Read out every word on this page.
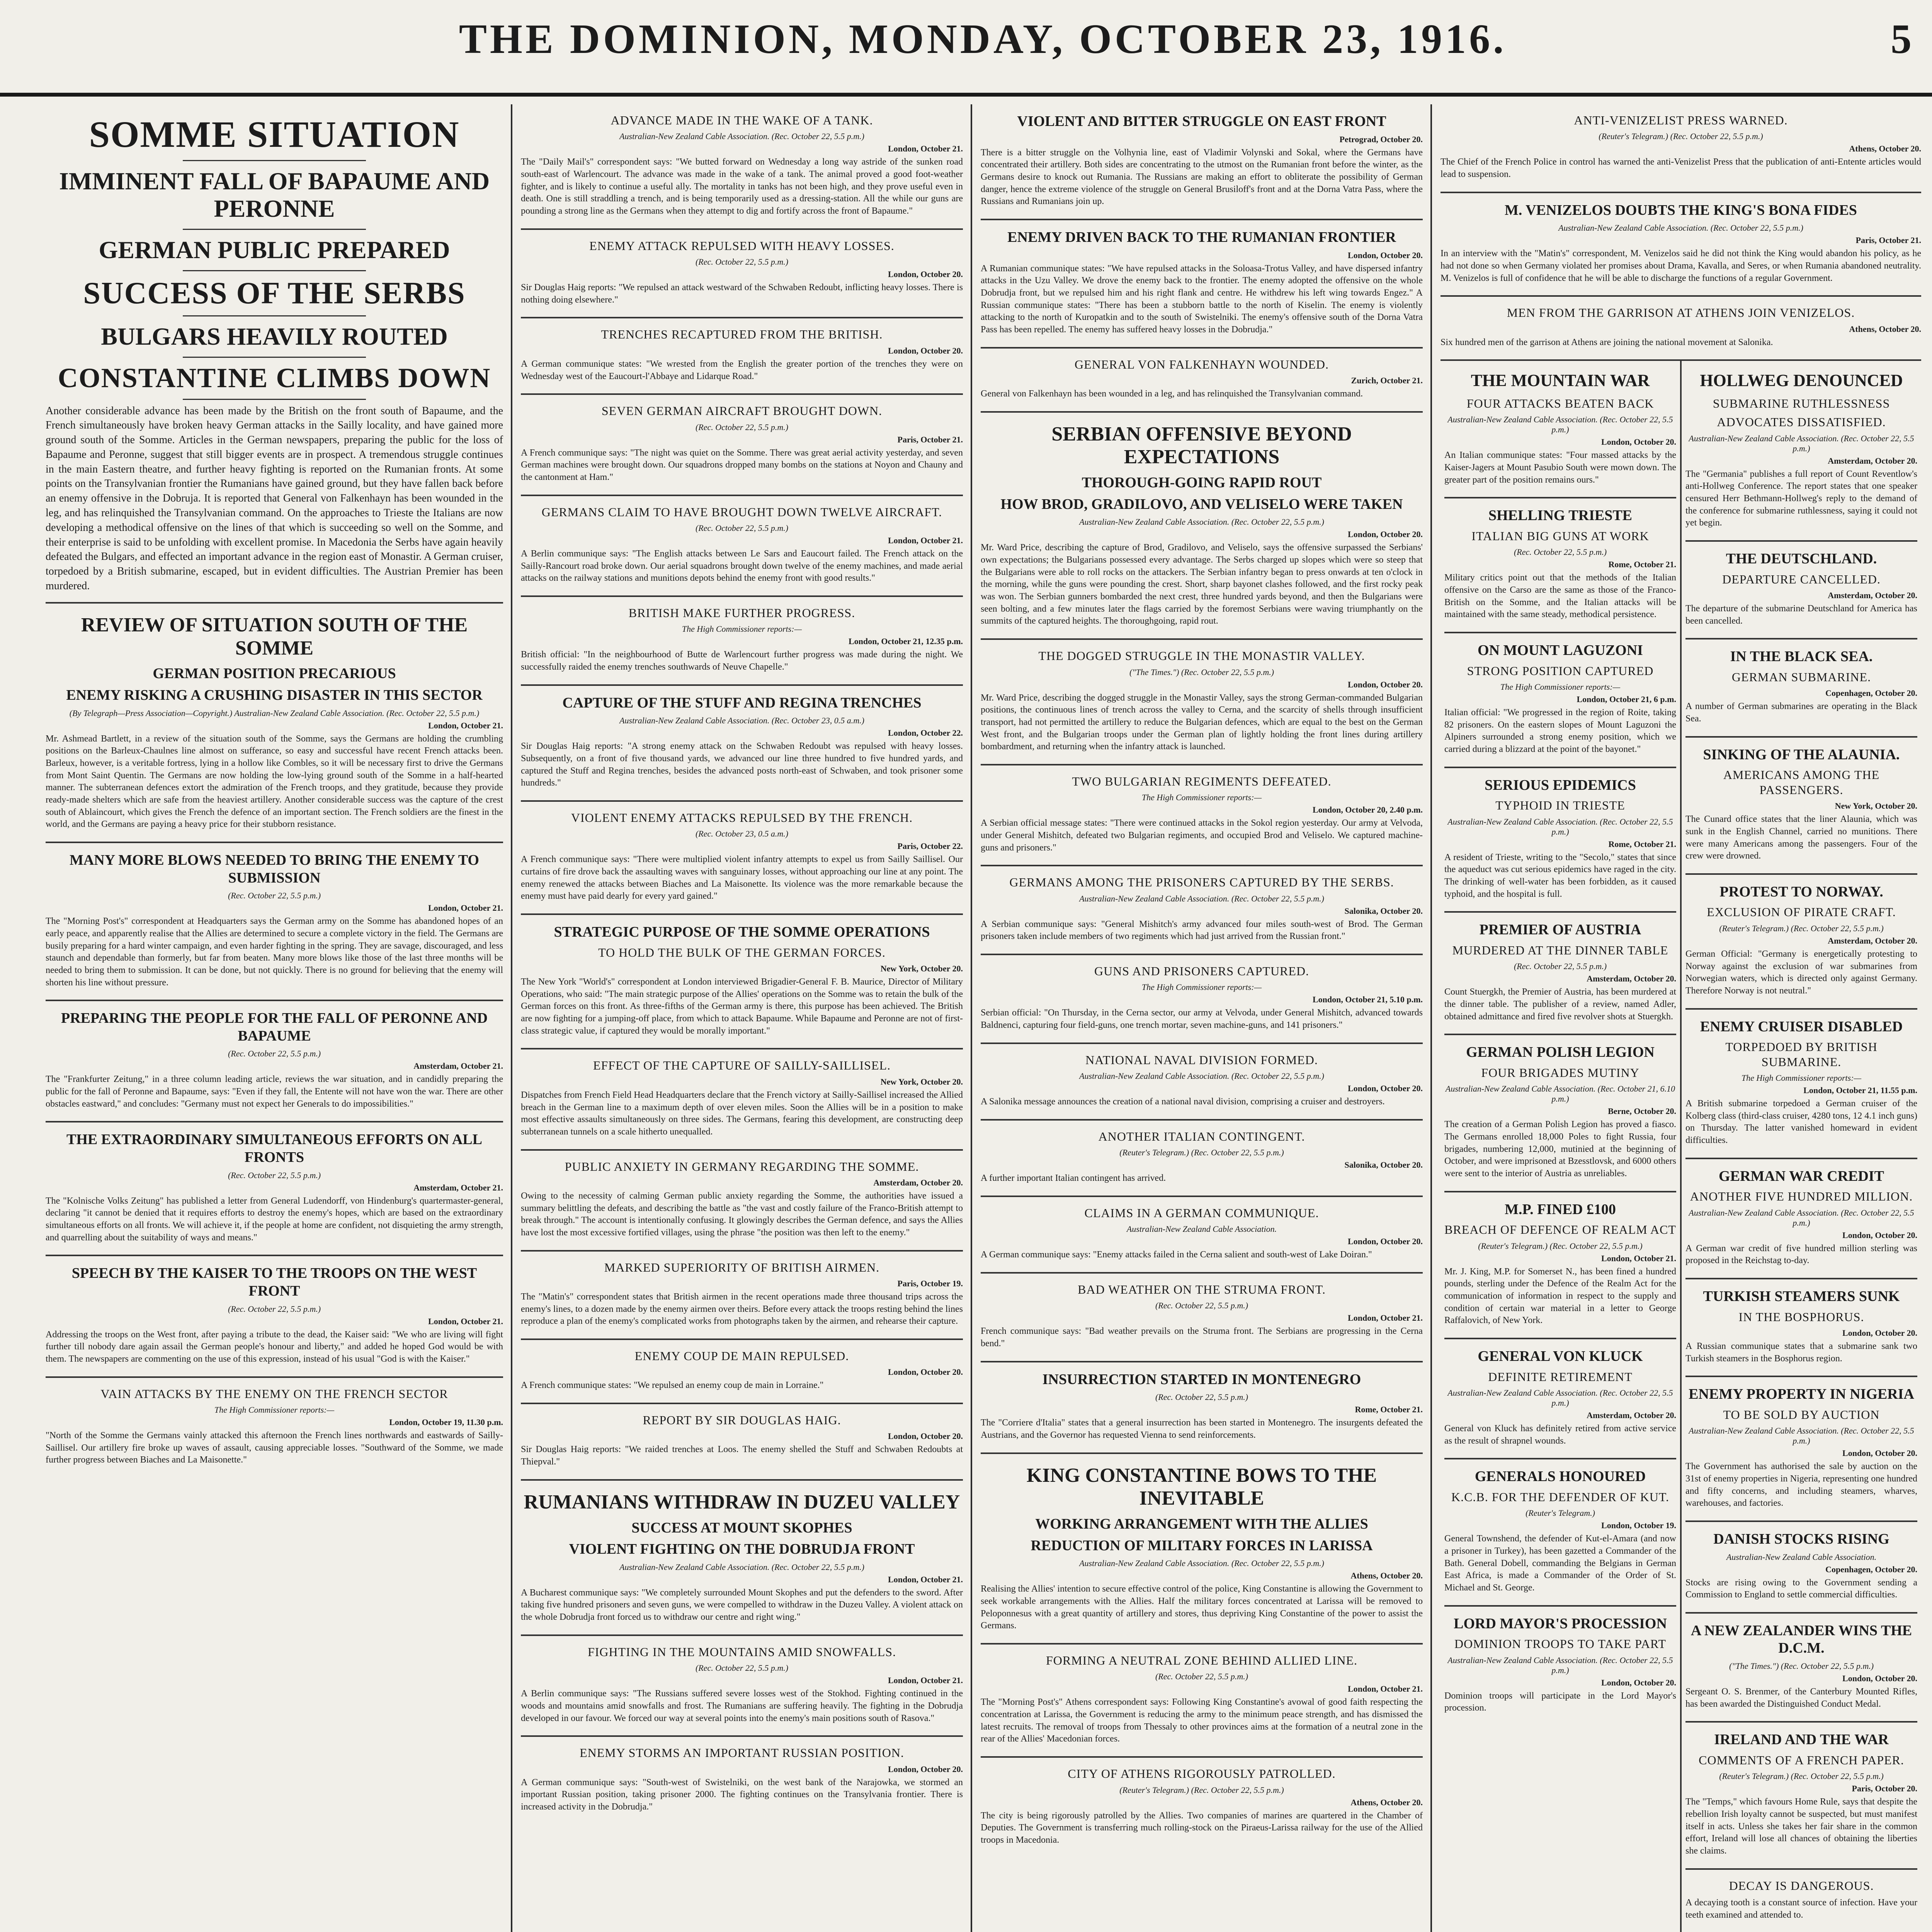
THE DOMINION, MONDAY, OCTOBER 23, 1916.	5
SOMME SITUATION
IMMINENT FALL OF BAPAUME AND PERONNE
GERMAN PUBLIC PREPARED
SUCCESS OF THE SERBS
BULGARS HEAVILY ROUTED
CONSTANTINE CLIMBS DOWN
Another considerable advance has been made by the British on the front south of Bapaume, and the French simultaneously have broken heavy German attacks in the Sailly locality, and have gained more ground south of the Somme. Articles in the German newspapers, preparing the public for the loss of Bapaume and Peronne, suggest that still bigger events are in prospect. A tremendous struggle continues in the main Eastern theatre, and further heavy fighting is reported on the Rumanian fronts. At some points on the Transylvanian frontier the Rumanians have gained ground, but they have fallen back before an enemy offensive in the Dobruja. It is reported that General von Falkenhayn has been wounded in the leg, and has relinquished the Transylvanian command. On the approaches to Trieste the Italians are now developing a methodical offensive on the lines of that which is succeeding so well on the Somme, and their enterprise is said to be unfolding with excellent promise. In Macedonia the Serbs have again heavily defeated the Bulgars, and effected an important advance in the region east of Monastir. A German cruiser, torpedoed by a British submarine, escaped, but in evident difficulties. The Austrian Premier has been murdered.
REVIEW OF SITUATION SOUTH OF THE SOMME
GERMAN POSITION PRECARIOUS
ENEMY RISKING A CRUSHING DISASTER IN THIS SECTOR
(By Telegraph—Press Association—Copyright.) Australian-New Zealand Cable Association. (Rec. October 22, 5.5 p.m.)
London, October 21.
Mr. Ashmead Bartlett, in a review of the situation south of the Somme, says the Germans are holding the crumbling positions on the Barleux-Chaulnes line almost on sufferance, so easy and successful have recent French attacks been. Barleux, however, is a veritable fortress, lying in a hollow like Combles, so it will be necessary first to drive the Germans from Mont Saint Quentin. The Germans are now holding the low-lying ground south of the Somme in a half-hearted manner. The subterranean defences extort the admiration of the French troops, and they gratitude, because they provide ready-made shelters which are safe from the heaviest artillery. Another considerable success was the capture of the crest south of Ablaincourt, which gives the French the defence of an important section. The French soldiers are the finest in the world, and the Germans are paying a heavy price for their stubborn resistance.
MANY MORE BLOWS NEEDED TO BRING THE ENEMY TO SUBMISSION
(Rec. October 22, 5.5 p.m.)
London, October 21.
The "Morning Post's" correspondent at Headquarters says the German army on the Somme has abandoned hopes of an early peace, and apparently realise that the Allies are determined to secure a complete victory in the field. The Germans are busily preparing for a hard winter campaign, and even harder fighting in the spring. They are savage, discouraged, and less staunch and dependable than formerly, but far from beaten. Many more blows like those of the last three months will be needed to bring them to submission. It can be done, but not quickly. There is no ground for believing that the enemy will shorten his line without pressure.
PREPARING THE PEOPLE FOR THE FALL OF PERONNE AND BAPAUME
(Rec. October 22, 5.5 p.m.)
Amsterdam, October 21.
The "Frankfurter Zeitung," in a three column leading article, reviews the war situation, and in candidly preparing the public for the fall of Peronne and Bapaume, says: "Even if they fall, the Entente will not have won the war. There are other obstacles eastward," and concludes: "Germany must not expect her Generals to do impossibilities."
THE EXTRAORDINARY SIMULTANEOUS EFFORTS ON ALL FRONTS
(Rec. October 22, 5.5 p.m.)
Amsterdam, October 21.
The "Kolnische Volks Zeitung" has published a letter from General Ludendorff, von Hindenburg's quartermaster-general, declaring "it cannot be denied that it requires efforts to destroy the enemy's hopes, which are based on the extraordinary simultaneous efforts on all fronts. We will achieve it, if the people at home are confident, not disquieting the army strength, and quarrelling about the suitability of ways and means."
SPEECH BY THE KAISER TO THE TROOPS ON THE WEST FRONT
(Rec. October 22, 5.5 p.m.)
London, October 21.
Addressing the troops on the West front, after paying a tribute to the dead, the Kaiser said: "We who are living will fight further till nobody dare again assail the German people's honour and liberty," and added he hoped God would be with them. The newspapers are commenting on the use of this expression, instead of his usual "God is with the Kaiser."
VAIN ATTACKS BY THE ENEMY ON THE FRENCH SECTOR
The High Commissioner reports:—
London, October 19, 11.30 p.m.
"North of the Somme the Germans vainly attacked this afternoon the French lines northwards and eastwards of Sailly-Saillisel. Our artillery fire broke up waves of assault, causing appreciable losses. "Southward of the Somme, we made further progress between Biaches and La Maisonette."
ADVANCE MADE IN THE WAKE OF A TANK.
Australian-New Zealand Cable Association. (Rec. October 22, 5.5 p.m.)
London, October 21.
The "Daily Mail's" correspondent says: "We butted forward on Wednesday a long way astride of the sunken road south-east of Warlencourt. The advance was made in the wake of a tank. The animal proved a good foot-weather fighter, and is likely to continue a useful ally. The mortality in tanks has not been high, and they prove useful even in death. One is still straddling a trench, and is being temporarily used as a dressing-station. All the while our guns are pounding a strong line as the Germans when they attempt to dig and fortify across the front of Bapaume."
ENEMY ATTACK REPULSED WITH HEAVY LOSSES.
(Rec. October 22, 5.5 p.m.)
London, October 20.
Sir Douglas Haig reports: "We repulsed an attack westward of the Schwaben Redoubt, inflicting heavy losses. There is nothing doing elsewhere."
TRENCHES RECAPTURED FROM THE BRITISH.
London, October 20.
A German communique states: "We wrested from the English the greater portion of the trenches they were on Wednesday west of the Eaucourt-l'Abbaye and Lidarque Road."
SEVEN GERMAN AIRCRAFT BROUGHT DOWN.
(Rec. October 22, 5.5 p.m.)
Paris, October 21.
A French communique says: "The night was quiet on the Somme. There was great aerial activity yesterday, and seven German machines were brought down. Our squadrons dropped many bombs on the stations at Noyon and Chauny and the cantonment at Ham."
GERMANS CLAIM TO HAVE BROUGHT DOWN TWELVE AIRCRAFT.
(Rec. October 22, 5.5 p.m.)
London, October 21.
A Berlin communique says: "The English attacks between Le Sars and Eaucourt failed. The French attack on the Sailly-Rancourt road broke down. Our aerial squadrons brought down twelve of the enemy machines, and made aerial attacks on the railway stations and munitions depots behind the enemy front with good results."
BRITISH MAKE FURTHER PROGRESS.
The High Commissioner reports:—
London, October 21, 12.35 p.m.
British official: "In the neighbourhood of Butte de Warlencourt further progress was made during the night. We successfully raided the enemy trenches southwards of Neuve Chapelle."
CAPTURE OF THE STUFF AND REGINA TRENCHES
Australian-New Zealand Cable Association. (Rec. October 23, 0.5 a.m.)
London, October 22.
Sir Douglas Haig reports: "A strong enemy attack on the Schwaben Redoubt was repulsed with heavy losses. Subsequently, on a front of five thousand yards, we advanced our line three hundred to five hundred yards, and captured the Stuff and Regina trenches, besides the advanced posts north-east of Schwaben, and took prisoner some hundreds."
VIOLENT ENEMY ATTACKS REPULSED BY THE FRENCH.
(Rec. October 23, 0.5 a.m.)
Paris, October 22.
A French communique says: "There were multiplied violent infantry attempts to expel us from Sailly Saillisel. Our curtains of fire drove back the assaulting waves with sanguinary losses, without approaching our line at any point. The enemy renewed the attacks between Biaches and La Maisonette. Its violence was the more remarkable because the enemy must have paid dearly for every yard gained."
STRATEGIC PURPOSE OF THE SOMME OPERATIONS
TO HOLD THE BULK OF THE GERMAN FORCES.
New York, October 20.
The New York "World's" correspondent at London interviewed Brigadier-General F. B. Maurice, Director of Military Operations, who said: "The main strategic purpose of the Allies' operations on the Somme was to retain the bulk of the German forces on this front. As three-fifths of the German army is there, this purpose has been achieved. The British are now fighting for a jumping-off place, from which to attack Bapaume. While Bapaume and Peronne are not of first-class strategic value, if captured they would be morally important."
EFFECT OF THE CAPTURE OF SAILLY-SAILLISEL.
New York, October 20.
Dispatches from French Field Head Headquarters declare that the French victory at Sailly-Saillisel increased the Allied breach in the German line to a maximum depth of over eleven miles. Soon the Allies will be in a position to make most effective assaults simultaneously on three sides. The Germans, fearing this development, are constructing deep subterranean tunnels on a scale hitherto unequalled.
PUBLIC ANXIETY IN GERMANY REGARDING THE SOMME.
Amsterdam, October 20.
Owing to the necessity of calming German public anxiety regarding the Somme, the authorities have issued a summary belittling the defeats, and describing the battle as "the vast and costly failure of the Franco-British attempt to break through." The account is intentionally confusing. It glowingly describes the German defence, and says the Allies have lost the most excessive fortified villages, using the phrase "the position was then left to the enemy."
MARKED SUPERIORITY OF BRITISH AIRMEN.
Paris, October 19.
The "Matin's" correspondent states that British airmen in the recent operations made three thousand trips across the enemy's lines, to a dozen made by the enemy airmen over theirs. Before every attack the troops resting behind the lines reproduce a plan of the enemy's complicated works from photographs taken by the airmen, and rehearse their capture.
ENEMY COUP DE MAIN REPULSED.
London, October 20.
A French communique states: "We repulsed an enemy coup de main in Lorraine."
REPORT BY SIR DOUGLAS HAIG.
London, October 20.
Sir Douglas Haig reports: "We raided trenches at Loos. The enemy shelled the Stuff and Schwaben Redoubts at Thiepval."
RUMANIANS WITHDRAW IN DUZEU VALLEY
SUCCESS AT MOUNT SKOPHES
VIOLENT FIGHTING ON THE DOBRUDJA FRONT
Australian-New Zealand Cable Association. (Rec. October 22, 5.5 p.m.)
London, October 21.
A Bucharest communique says: "We completely surrounded Mount Skophes and put the defenders to the sword. After taking five hundred prisoners and seven guns, we were compelled to withdraw in the Duzeu Valley. A violent attack on the whole Dobrudja front forced us to withdraw our centre and right wing."
FIGHTING IN THE MOUNTAINS AMID SNOWFALLS.
(Rec. October 22, 5.5 p.m.)
London, October 21.
A Berlin communique says: "The Russians suffered severe losses west of the Stokhod. Fighting continued in the woods and mountains amid snowfalls and frost. The Rumanians are suffering heavily. The fighting in the Dobrudja developed in our favour. We forced our way at several points into the enemy's main positions south of Rasova."
ENEMY STORMS AN IMPORTANT RUSSIAN POSITION.
London, October 20.
A German communique says: "South-west of Swistelniki, on the west bank of the Narajowka, we stormed an important Russian position, taking prisoner 2000. The fighting continues on the Transylvania frontier. There is increased activity in the Dobrudja."
VIOLENT AND BITTER STRUGGLE ON EAST FRONT
Petrograd, October 20.
There is a bitter struggle on the Volhynia line, east of Vladimir Volynski and Sokal, where the Germans have concentrated their artillery. Both sides are concentrating to the utmost on the Rumanian front before the winter, as the Germans desire to knock out Rumania. The Russians are making an effort to obliterate the possibility of German danger, hence the extreme violence of the struggle on General Brusiloff's front and at the Dorna Vatra Pass, where the Russians and Rumanians join up.
ENEMY DRIVEN BACK TO THE RUMANIAN FRONTIER
London, October 20.
A Rumanian communique states: "We have repulsed attacks in the Soloasa-Trotus Valley, and have dispersed infantry attacks in the Uzu Valley. We drove the enemy back to the frontier. The enemy adopted the offensive on the whole Dobrudja front, but we repulsed him and his right flank and centre. He withdrew his left wing towards Engez." A Russian communique states: "There has been a stubborn battle to the north of Kiselin. The enemy is violently attacking to the north of Kuropatkin and to the south of Swistelniki. The enemy's offensive south of the Dorna Vatra Pass has been repelled. The enemy has suffered heavy losses in the Dobrudja."
GENERAL VON FALKENHAYN WOUNDED.
Zurich, October 21.
General von Falkenhayn has been wounded in a leg, and has relinquished the Transylvanian command.
SERBIAN OFFENSIVE BEYOND EXPECTATIONS
THOROUGH-GOING RAPID ROUT
HOW BROD, GRADILOVO, AND VELISELO WERE TAKEN
Australian-New Zealand Cable Association. (Rec. October 22, 5.5 p.m.)
London, October 20.
Mr. Ward Price, describing the capture of Brod, Gradilovo, and Veliselo, says the offensive surpassed the Serbians' own expectations; the Bulgarians possessed every advantage. The Serbs charged up slopes which were so steep that the Bulgarians were able to roll rocks on the attackers. The Serbian infantry began to press onwards at ten o'clock in the morning, while the guns were pounding the crest. Short, sharp bayonet clashes followed, and the first rocky peak was won. The Serbian gunners bombarded the next crest, three hundred yards beyond, and then the Bulgarians were seen bolting, and a few minutes later the flags carried by the foremost Serbians were waving triumphantly on the summits of the captured heights. The thoroughgoing, rapid rout.
THE DOGGED STRUGGLE IN THE MONASTIR VALLEY.
("The Times.") (Rec. October 22, 5.5 p.m.)
London, October 20.
Mr. Ward Price, describing the dogged struggle in the Monastir Valley, says the strong German-commanded Bulgarian positions, the continuous lines of trench across the valley to Cerna, and the scarcity of shells through insufficient transport, had not permitted the artillery to reduce the Bulgarian defences, which are equal to the best on the German West front, and the Bulgarian troops under the German plan of lightly holding the front lines during artillery bombardment, and returning when the infantry attack is launched.
TWO BULGARIAN REGIMENTS DEFEATED.
The High Commissioner reports:—
London, October 20, 2.40 p.m.
A Serbian official message states: "There were continued attacks in the Sokol region yesterday. Our army at Velvoda, under General Mishitch, defeated two Bulgarian regiments, and occupied Brod and Veliselo. We captured machine-guns and prisoners."
GERMANS AMONG THE PRISONERS CAPTURED BY THE SERBS.
Australian-New Zealand Cable Association. (Rec. October 22, 5.5 p.m.)
Salonika, October 20.
A Serbian communique says: "General Mishitch's army advanced four miles south-west of Brod. The German prisoners taken include members of two regiments which had just arrived from the Russian front."
GUNS AND PRISONERS CAPTURED.
The High Commissioner reports:—
London, October 21, 5.10 p.m.
Serbian official: "On Thursday, in the Cerna sector, our army at Velvoda, under General Mishitch, advanced towards Baldnenci, capturing four field-guns, one trench mortar, seven machine-guns, and 141 prisoners."
NATIONAL NAVAL DIVISION FORMED.
Australian-New Zealand Cable Association. (Rec. October 22, 5.5 p.m.)
London, October 20.
A Salonika message announces the creation of a national naval division, comprising a cruiser and destroyers.
ANOTHER ITALIAN CONTINGENT.
(Reuter's Telegram.) (Rec. October 22, 5.5 p.m.)
Salonika, October 20.
A further important Italian contingent has arrived.
CLAIMS IN A GERMAN COMMUNIQUE.
Australian-New Zealand Cable Association.
London, October 20.
A German communique says: "Enemy attacks failed in the Cerna salient and south-west of Lake Doiran."
BAD WEATHER ON THE STRUMA FRONT.
(Rec. October 22, 5.5 p.m.)
London, October 21.
French communique says: "Bad weather prevails on the Struma front. The Serbians are progressing in the Cerna bend."
INSURRECTION STARTED IN MONTENEGRO
(Rec. October 22, 5.5 p.m.)
Rome, October 21.
The "Corriere d'Italia" states that a general insurrection has been started in Montenegro. The insurgents defeated the Austrians, and the Governor has requested Vienna to send reinforcements.
KING CONSTANTINE BOWS TO THE INEVITABLE
WORKING ARRANGEMENT WITH THE ALLIES
REDUCTION OF MILITARY FORCES IN LARISSA
Australian-New Zealand Cable Association. (Rec. October 22, 5.5 p.m.)
Athens, October 20.
Realising the Allies' intention to secure effective control of the police, King Constantine is allowing the Government to seek workable arrangements with the Allies. Half the military forces concentrated at Larissa will be removed to Peloponnesus with a great quantity of artillery and stores, thus depriving King Constantine of the power to assist the Germans.
FORMING A NEUTRAL ZONE BEHIND ALLIED LINE.
(Rec. October 22, 5.5 p.m.)
London, October 21.
The "Morning Post's" Athens correspondent says: Following King Constantine's avowal of good faith respecting the concentration at Larissa, the Government is reducing the army to the minimum peace strength, and has dismissed the latest recruits. The removal of troops from Thessaly to other provinces aims at the formation of a neutral zone in the rear of the Allies' Macedonian forces.
CITY OF ATHENS RIGOROUSLY PATROLLED.
(Reuter's Telegram.) (Rec. October 22, 5.5 p.m.)
Athens, October 20.
The city is being rigorously patrolled by the Allies. Two companies of marines are quartered in the Chamber of Deputies. The Government is transferring much rolling-stock on the Piraeus-Larissa railway for the use of the Allied troops in Macedonia.
ANTI-VENIZELIST PRESS WARNED.
(Reuter's Telegram.) (Rec. October 22, 5.5 p.m.)
Athens, October 20.
The Chief of the French Police in control has warned the anti-Venizelist Press that the publication of anti-Entente articles would lead to suspension.
M. VENIZELOS DOUBTS THE KING'S BONA FIDES
Australian-New Zealand Cable Association. (Rec. October 22, 5.5 p.m.)
Paris, October 21.
In an interview with the "Matin's" correspondent, M. Venizelos said he did not think the King would abandon his policy, as he had not done so when Germany violated her promises about Drama, Kavalla, and Seres, or when Rumania abandoned neutrality. M. Venizelos is full of confidence that he will be able to discharge the functions of a regular Government.
MEN FROM THE GARRISON AT ATHENS JOIN VENIZELOS.
Athens, October 20.
Six hundred men of the garrison at Athens are joining the national movement at Salonika.
THE MOUNTAIN WAR
FOUR ATTACKS BEATEN BACK
Australian-New Zealand Cable Association. (Rec. October 22, 5.5 p.m.)
London, October 20.
An Italian communique states: "Four massed attacks by the Kaiser-Jagers at Mount Pasubio South were mown down. The greater part of the position remains ours."
SHELLING TRIESTE
ITALIAN BIG GUNS AT WORK
(Rec. October 22, 5.5 p.m.)
Rome, October 21.
Military critics point out that the methods of the Italian offensive on the Carso are the same as those of the Franco-British on the Somme, and the Italian attacks will be maintained with the same steady, methodical persistence.
ON MOUNT LAGUZONI
STRONG POSITION CAPTURED
The High Commissioner reports:—
London, October 21, 6 p.m.
Italian official: "We progressed in the region of Roite, taking 82 prisoners. On the eastern slopes of Mount Laguzoni the Alpiners surrounded a strong enemy position, which we carried during a blizzard at the point of the bayonet."
SERIOUS EPIDEMICS
TYPHOID IN TRIESTE
Australian-New Zealand Cable Association. (Rec. October 22, 5.5 p.m.)
Rome, October 21.
A resident of Trieste, writing to the "Secolo," states that since the aqueduct was cut serious epidemics have raged in the city. The drinking of well-water has been forbidden, as it caused typhoid, and the hospital is full.
PREMIER OF AUSTRIA
MURDERED AT THE DINNER TABLE
(Rec. October 22, 5.5 p.m.)
Amsterdam, October 20.
Count Stuergkh, the Premier of Austria, has been murdered at the dinner table. The publisher of a review, named Adler, obtained admittance and fired five revolver shots at Stuergkh.
GERMAN POLISH LEGION
FOUR BRIGADES MUTINY
Australian-New Zealand Cable Association. (Rec. October 21, 6.10 p.m.)
Berne, October 20.
The creation of a German Polish Legion has proved a fiasco. The Germans enrolled 18,000 Poles to fight Russia, four brigades, numbering 12,000, mutinied at the beginning of October, and were imprisoned at Bzesstlovsk, and 6000 others were sent to the interior of Austria as unreliables.
M.P. FINED £100
BREACH OF DEFENCE OF REALM ACT
(Reuter's Telegram.) (Rec. October 22, 5.5 p.m.)
London, October 21.
Mr. J. King, M.P. for Somerset N., has been fined a hundred pounds, sterling under the Defence of the Realm Act for the communication of information in respect to the supply and condition of certain war material in a letter to George Raffalovich, of New York.
GENERAL VON KLUCK
DEFINITE RETIREMENT
Australian-New Zealand Cable Association. (Rec. October 22, 5.5 p.m.)
Amsterdam, October 20.
General von Kluck has definitely retired from active service as the result of shrapnel wounds.
GENERALS HONOURED
K.C.B. FOR THE DEFENDER OF KUT.
(Reuter's Telegram.)
London, October 19.
General Townshend, the defender of Kut-el-Amara (and now a prisoner in Turkey), has been gazetted a Commander of the Bath. General Dobell, commanding the Belgians in German East Africa, is made a Commander of the Order of St. Michael and St. George.
LORD MAYOR'S PROCESSION
DOMINION TROOPS TO TAKE PART
Australian-New Zealand Cable Association. (Rec. October 22, 5.5 p.m.)
London, October 20.
Dominion troops will participate in the Lord Mayor's procession.
HOLLWEG DENOUNCED
SUBMARINE RUTHLESSNESS
ADVOCATES DISSATISFIED.
Australian-New Zealand Cable Association. (Rec. October 22, 5.5 p.m.)
Amsterdam, October 20.
The "Germania" publishes a full report of Count Reventlow's anti-Hollweg Conference. The report states that one speaker censured Herr Bethmann-Hollweg's reply to the demand of the conference for submarine ruthlessness, saying it could not yet begin.
THE DEUTSCHLAND.
DEPARTURE CANCELLED.
Amsterdam, October 20.
The departure of the submarine Deutschland for America has been cancelled.
IN THE BLACK SEA.
GERMAN SUBMARINE.
Copenhagen, October 20.
A number of German submarines are operating in the Black Sea.
SINKING OF THE ALAUNIA.
AMERICANS AMONG THE PASSENGERS.
New York, October 20.
The Cunard office states that the liner Alaunia, which was sunk in the English Channel, carried no munitions. There were many Americans among the passengers. Four of the crew were drowned.
PROTEST TO NORWAY.
EXCLUSION OF PIRATE CRAFT.
(Reuter's Telegram.) (Rec. October 22, 5.5 p.m.)
Amsterdam, October 20.
German Official: "Germany is energetically protesting to Norway against the exclusion of war submarines from Norwegian waters, which is directed only against Germany. Therefore Norway is not neutral."
ENEMY CRUISER DISABLED
TORPEDOED BY BRITISH SUBMARINE.
The High Commissioner reports:—
London, October 21, 11.55 p.m.
A British submarine torpedoed a German cruiser of the Kolberg class (third-class cruiser, 4280 tons, 12 4.1 inch guns) on Thursday. The latter vanished homeward in evident difficulties.
GERMAN WAR CREDIT
ANOTHER FIVE HUNDRED MILLION.
Australian-New Zealand Cable Association. (Rec. October 22, 5.5 p.m.)
London, October 20.
A German war credit of five hundred million sterling was proposed in the Reichstag to-day.
TURKISH STEAMERS SUNK
IN THE BOSPHORUS.
London, October 20.
A Russian communique states that a submarine sank two Turkish steamers in the Bosphorus region.
ENEMY PROPERTY IN NIGERIA
TO BE SOLD BY AUCTION
Australian-New Zealand Cable Association. (Rec. October 22, 5.5 p.m.)
London, October 20.
The Government has authorised the sale by auction on the 31st of enemy properties in Nigeria, representing one hundred and fifty concerns, and including steamers, wharves, warehouses, and factories.
DANISH STOCKS RISING
Australian-New Zealand Cable Association.
Copenhagen, October 20.
Stocks are rising owing to the Government sending a Commission to England to settle commercial difficulties.
A NEW ZEALANDER WINS THE D.C.M.
("The Times.") (Rec. October 22, 5.5 p.m.)
London, October 20.
Sergeant O. S. Brenmer, of the Canterbury Mounted Rifles, has been awarded the Distinguished Conduct Medal.
IRELAND AND THE WAR
COMMENTS OF A FRENCH PAPER.
(Reuter's Telegram.) (Rec. October 22, 5.5 p.m.)
Paris, October 20.
The "Temps," which favours Home Rule, says that despite the rebellion Irish loyalty cannot be suspected, but must manifest itself in acts. Unless she takes her fair share in the common effort, Ireland will lose all chances of obtaining the liberties she claims.
DECAY IS DANGEROUS.
A decaying tooth is a constant source of infection. Have your teeth examined and attended to.
